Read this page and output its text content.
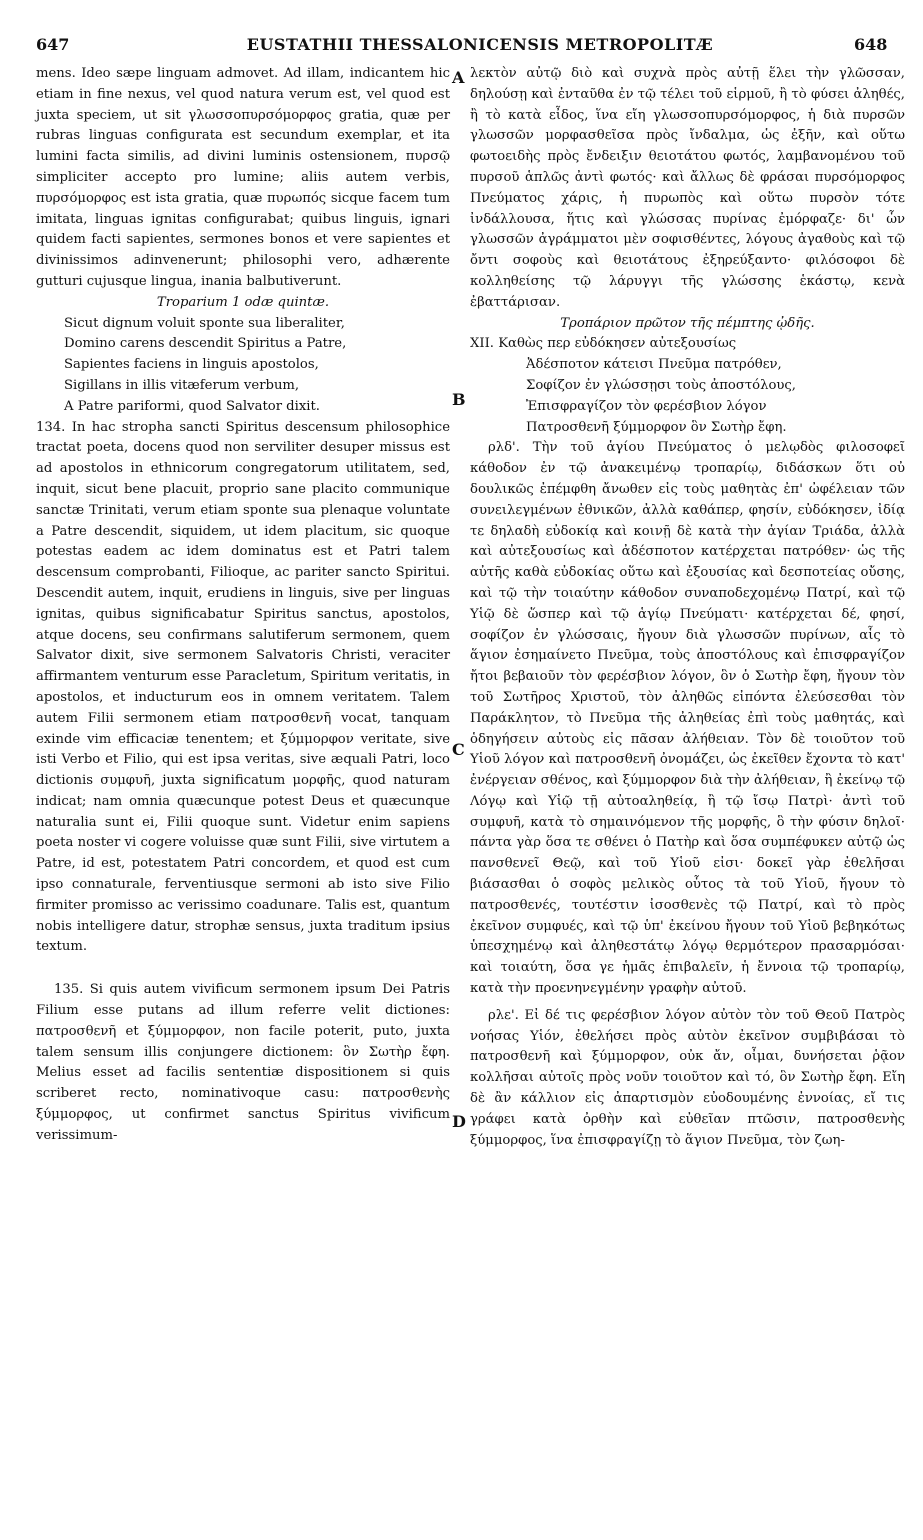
647	EUSTATHII THESSALONICENSIS METROPOLITÆ	648
A
B
C
D

mens. Ideo sæpe linguam admovet. Ad illam, indicantem hic etiam in fine nexus, vel quod natura verum est, vel quod est juxta speciem, ut sit γλωσσοπυρσόμορφος gratia, quæ per rubras linguas configurata est secundum exemplar, et ita lumini facta similis, ad divini luminis ostensionem, πυρσῷ simpliciter accepto pro lumine; aliis autem verbis, πυρσόμορφος est ista gratia, quæ πυρωπός sicque facem tum imitata, linguas ignitas configurabat; quibus linguis, ignari quidem facti sapientes, sermones bonos et vere sapientes et divinissimos adinvenerunt; philosophi vero, adhærente gutturi cujusque lingua, inania balbutiverunt.

Troparium 1 odæ quintæ.

Sicut dignum voluit sponte sua liberaliter,

Domino carens descendit Spiritus a Patre,

Sapientes faciens in linguis apostolos,

Sigillans in illis vitæferum verbum,

A Patre pariformi, quod Salvator dixit.

134. In hac stropha sancti Spiritus descensum philosophice tractat poeta, docens quod non serviliter desuper missus est ad apostolos in ethnicorum congregatorum utilitatem, sed, inquit, sicut bene placuit, proprio sane placito communique sanctæ Trinitati, verum etiam sponte sua plenaque voluntate a Patre descendit, siquidem, ut idem placitum, sic quoque potestas eadem ac idem dominatus est et Patri talem descensum comprobanti, Filioque, ac pariter sancto Spiritui. Descendit autem, inquit, erudiens in linguis, sive per linguas ignitas, quibus significabatur Spiritus sanctus, apostolos, atque docens, seu confirmans salutiferum sermonem, quem Salvator dixit, sive sermonem Salvatoris Christi, veraciter affirmantem venturum esse Paracletum, Spiritum veritatis, in apostolos, et inducturum eos in omnem veritatem. Talem autem Filii sermonem etiam πατροσθενῆ vocat, tanquam exinde vim efficaciæ tenentem; et ξύμμορφον veritate, sive isti Verbo et Filio, qui est ipsa veritas, sive æquali Patri, loco dictionis συμφυῆ, juxta significatum μορφῆς, quod naturam indicat; nam omnia quæcunque potest Deus et quæcunque naturalia sunt ei, Filii quoque sunt. Videtur enim sapiens poeta noster vi cogere voluisse quæ sunt Filii, sive virtutem a Patre, id est, potestatem Patri concordem, et quod est cum ipso connaturale, ferventiusque sermoni ab isto sive Filio firmiter promisso ac verissimo coadunare. Talis est, quantum nobis intelligere datur, strophæ sensus, juxta traditum ipsius textum.

135. Si quis autem vivificum sermonem ipsum Dei Patris Filium esse putans ad illum referre velit dictiones: πατροσθενῆ et ξύμμορφον, non facile poterit, puto, juxta talem sensum illis conjungere dictionem: ὃν Σωτὴρ ἔφη. Melius esset ad facilis sententiæ dispositionem si quis scriberet recto, nominativoque casu: πατροσθενὴς ξύμμορφος, ut confirmet sanctus Spiritus vivificum verissimum-

λεκτὸν αὐτῷ διὸ καὶ συχνὰ πρὸς αὐτῇ ἕλει τὴν γλῶσσαν, δηλούσῃ καὶ ἐνταῦθα ἐν τῷ τέλει τοῦ εἱρμοῦ, ἢ τὸ φύσει ἀληθές, ἢ τὸ κατὰ εἶδος, ἵνα εἴη γλωσσοπυρσόμορφος, ἡ διὰ πυρσῶν γλωσσῶν μορφασθεῖσα πρὸς ἴνδαλμα, ὡς ἐξῆν, καὶ οὕτω φωτοειδὴς πρὸς ἔνδειξιν θειοτάτου φωτός, λαμβανομένου τοῦ πυρσοῦ ἁπλῶς ἀντὶ φωτός· καὶ ἄλλως δὲ φράσαι πυρσόμορφος Πνεύματος χάρις, ἡ πυρωπὸς καὶ οὕτω πυρσὸν τότε ἰνδάλλουσα, ἥτις καὶ γλώσσας πυρίνας ἐμόρφαζε· δι' ὧν γλωσσῶν ἀγράμματοι μὲν σοφισθέντες, λόγους ἀγαθοὺς καὶ τῷ ὄντι σοφοὺς καὶ θειοτάτους ἐξηρεύξαντο· φιλόσοφοι δὲ κολληθείσης τῷ λάρυγγι τῆς γλώσσης ἑκάστῳ, κενὰ ἐβαττάρισαν.

Τροπάριον πρῶτον τῆς πέμπτης ᾠδῆς.

XII. Καθὼς περ εὐδόκησεν αὐτεξουσίως

Ἀδέσποτον κάτεισι Πνεῦμα πατρόθεν,

Σοφίζον ἐν γλώσσῃσι τοὺς ἀποστόλους,

Ἐπισφραγίζον τὸν φερέσβιον λόγον

Πατροσθενῆ ξύμμορφον ὃν Σωτὴρ ἔφη.

ρλδ'. Τὴν τοῦ ἁγίου Πνεύματος ὁ μελῳδὸς φιλοσοφεῖ κάθοδον ἐν τῷ ἀνακειμένῳ τροπαρίῳ, διδάσκων ὅτι οὐ δουλικῶς ἐπέμφθη ἄνωθεν εἰς τοὺς μαθητὰς ἐπ' ὠφέλειαν τῶν συνειλεγμένων ἐθνικῶν, ἀλλὰ καθάπερ, φησίν, εὐδόκησεν, ἰδίᾳ τε δηλαδὴ εὐδοκίᾳ καὶ κοινῇ δὲ κατὰ τὴν ἁγίαν Τριάδα, ἀλλὰ καὶ αὐτεξουσίως καὶ ἀδέσποτον κατέρχεται πατρόθεν· ὡς τῆς αὐτῆς καθὰ εὐδοκίας οὕτω καὶ ἐξουσίας καὶ δεσποτείας οὔσης, καὶ τῷ τὴν τοιαύτην κάθοδον συναποδεχομένῳ Πατρί, καὶ τῷ Υἱῷ δὲ ὥσπερ καὶ τῷ ἁγίῳ Πνεύματι· κατέρχεται δέ, φησί, σοφίζον ἐν γλώσσαις, ἤγουν διὰ γλωσσῶν πυρίνων, αἷς τὸ ἅγιον ἐσημαίνετο Πνεῦμα, τοὺς ἀποστόλους καὶ ἐπισφραγίζον ἤτοι βεβαιοῦν τὸν φερέσβιον λόγον, ὃν ὁ Σωτὴρ ἔφη, ἤγουν τὸν τοῦ Σωτῆρος Χριστοῦ, τὸν ἀληθῶς εἰπόντα ἐλεύσεσθαι τὸν Παράκλητον, τὸ Πνεῦμα τῆς ἀληθείας ἐπὶ τοὺς μαθητάς, καὶ ὁδηγήσειν αὐτοὺς εἰς πᾶσαν ἀλήθειαν. Τὸν δὲ τοιοῦτον τοῦ Υἱοῦ λόγον καὶ πατροσθενῆ ὀνομάζει, ὡς ἐκεῖθεν ἔχοντα τὸ κατ' ἐνέργειαν σθένος, καὶ ξύμμορφον διὰ τὴν ἀλήθειαν, ἢ ἐκείνῳ τῷ Λόγῳ καὶ Υἱῷ τῇ αὐτοαληθείᾳ, ἢ τῷ ἴσῳ Πατρὶ· ἀντὶ τοῦ συμφυῆ, κατὰ τὸ σημαινόμενον τῆς μορφῆς, ὃ τὴν φύσιν δηλοῖ· πάντα γὰρ ὅσα τε σθένει ὁ Πατὴρ καὶ ὅσα συμπέφυκεν αὐτῷ ὡς πανσθενεῖ Θεῷ, καὶ τοῦ Υἱοῦ εἰσι· δοκεῖ γὰρ ἐθελῆσαι βιάσασθαι ὁ σοφὸς μελικὸς οὗτος τὰ τοῦ Υἱοῦ, ἤγουν τὸ πατροσθενές, τουτέστιν ἰσοσθενὲς τῷ Πατρί, καὶ τὸ πρὸς ἐκεῖνον συμφυές, καὶ τῷ ὑπ' ἐκείνου ἤγουν τοῦ Υἱοῦ βεβηκότως ὑπεσχημένῳ καὶ ἀληθεστάτῳ λόγῳ θερμότερον πρασαρμόσαι· καὶ τοιαύτη, ὅσα γε ἡμᾶς ἐπιβαλεῖν, ἡ ἔννοια τῷ τροπαρίῳ, κατὰ τὴν προενηνεγμένην γραφὴν αὐτοῦ.

ρλε'. Εἰ δέ τις φερέσβιον λόγον αὐτὸν τὸν τοῦ Θεοῦ Πατρὸς νοήσας Υἱόν, ἐθελήσει πρὸς αὐτὸν ἐκεῖνον συμβιβάσαι τὸ πατροσθενῆ καὶ ξύμμορφον, οὐκ ἄν, οἶμαι, δυνήσεται ῥᾷον κολλῆσαι αὐτοῖς πρὸς νοῦν τοιοῦτον καὶ τό, ὃν Σωτὴρ ἔφη. Εἴη δὲ ἂν κάλλιον εἰς ἀπαρτισμὸν εὐοδουμένης ἐννοίας, εἴ τις γράφει κατὰ ὀρθὴν καὶ εὐθεῖαν πτῶσιν, πατροσθενὴς ξύμμορφος, ἵνα ἐπισφραγίζῃ τὸ ἅγιον Πνεῦμα, τὸν ζωη-
